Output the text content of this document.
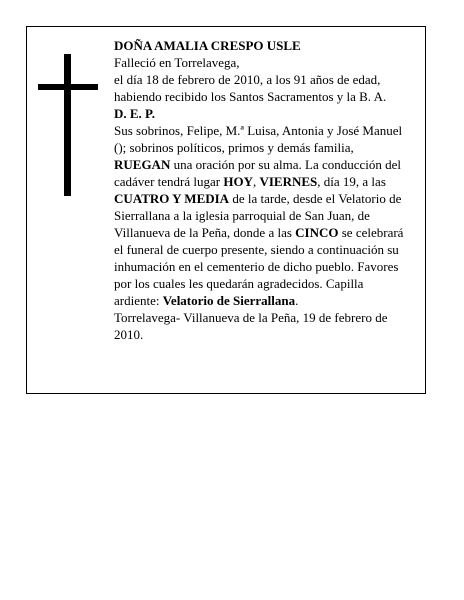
DOÑA AMALIA CRESPO USLE
Falleció en Torrelavega,
el día 18 de febrero de 2010, a los 91 años de edad,
habiendo recibido los Santos Sacramentos y la B. A.
D. E. P.
Sus sobrinos, Felipe, M.ª Luisa, Antonia y José Manuel
(); sobrinos políticos, primos y demás familia,
RUEGAN una oración por su alma. La conducción del
cadáver tendrá lugar HOY, VIERNES, día 19, a las
CUATRO Y MEDIA de la tarde, desde el Velatorio de
Sierrallana a la iglesia parroquial de San Juan, de
Villanueva de la Peña, donde a las CINCO se celebrará
el funeral de cuerpo presente, siendo a continuación su
inhumación en el cementerio de dicho pueblo. Favores
por los cuales les quedarán agradecidos. Capilla
ardiente: Velatorio de Sierrallana.
Torrelavega- Villanueva de la Peña, 19 de febrero de
2010.
